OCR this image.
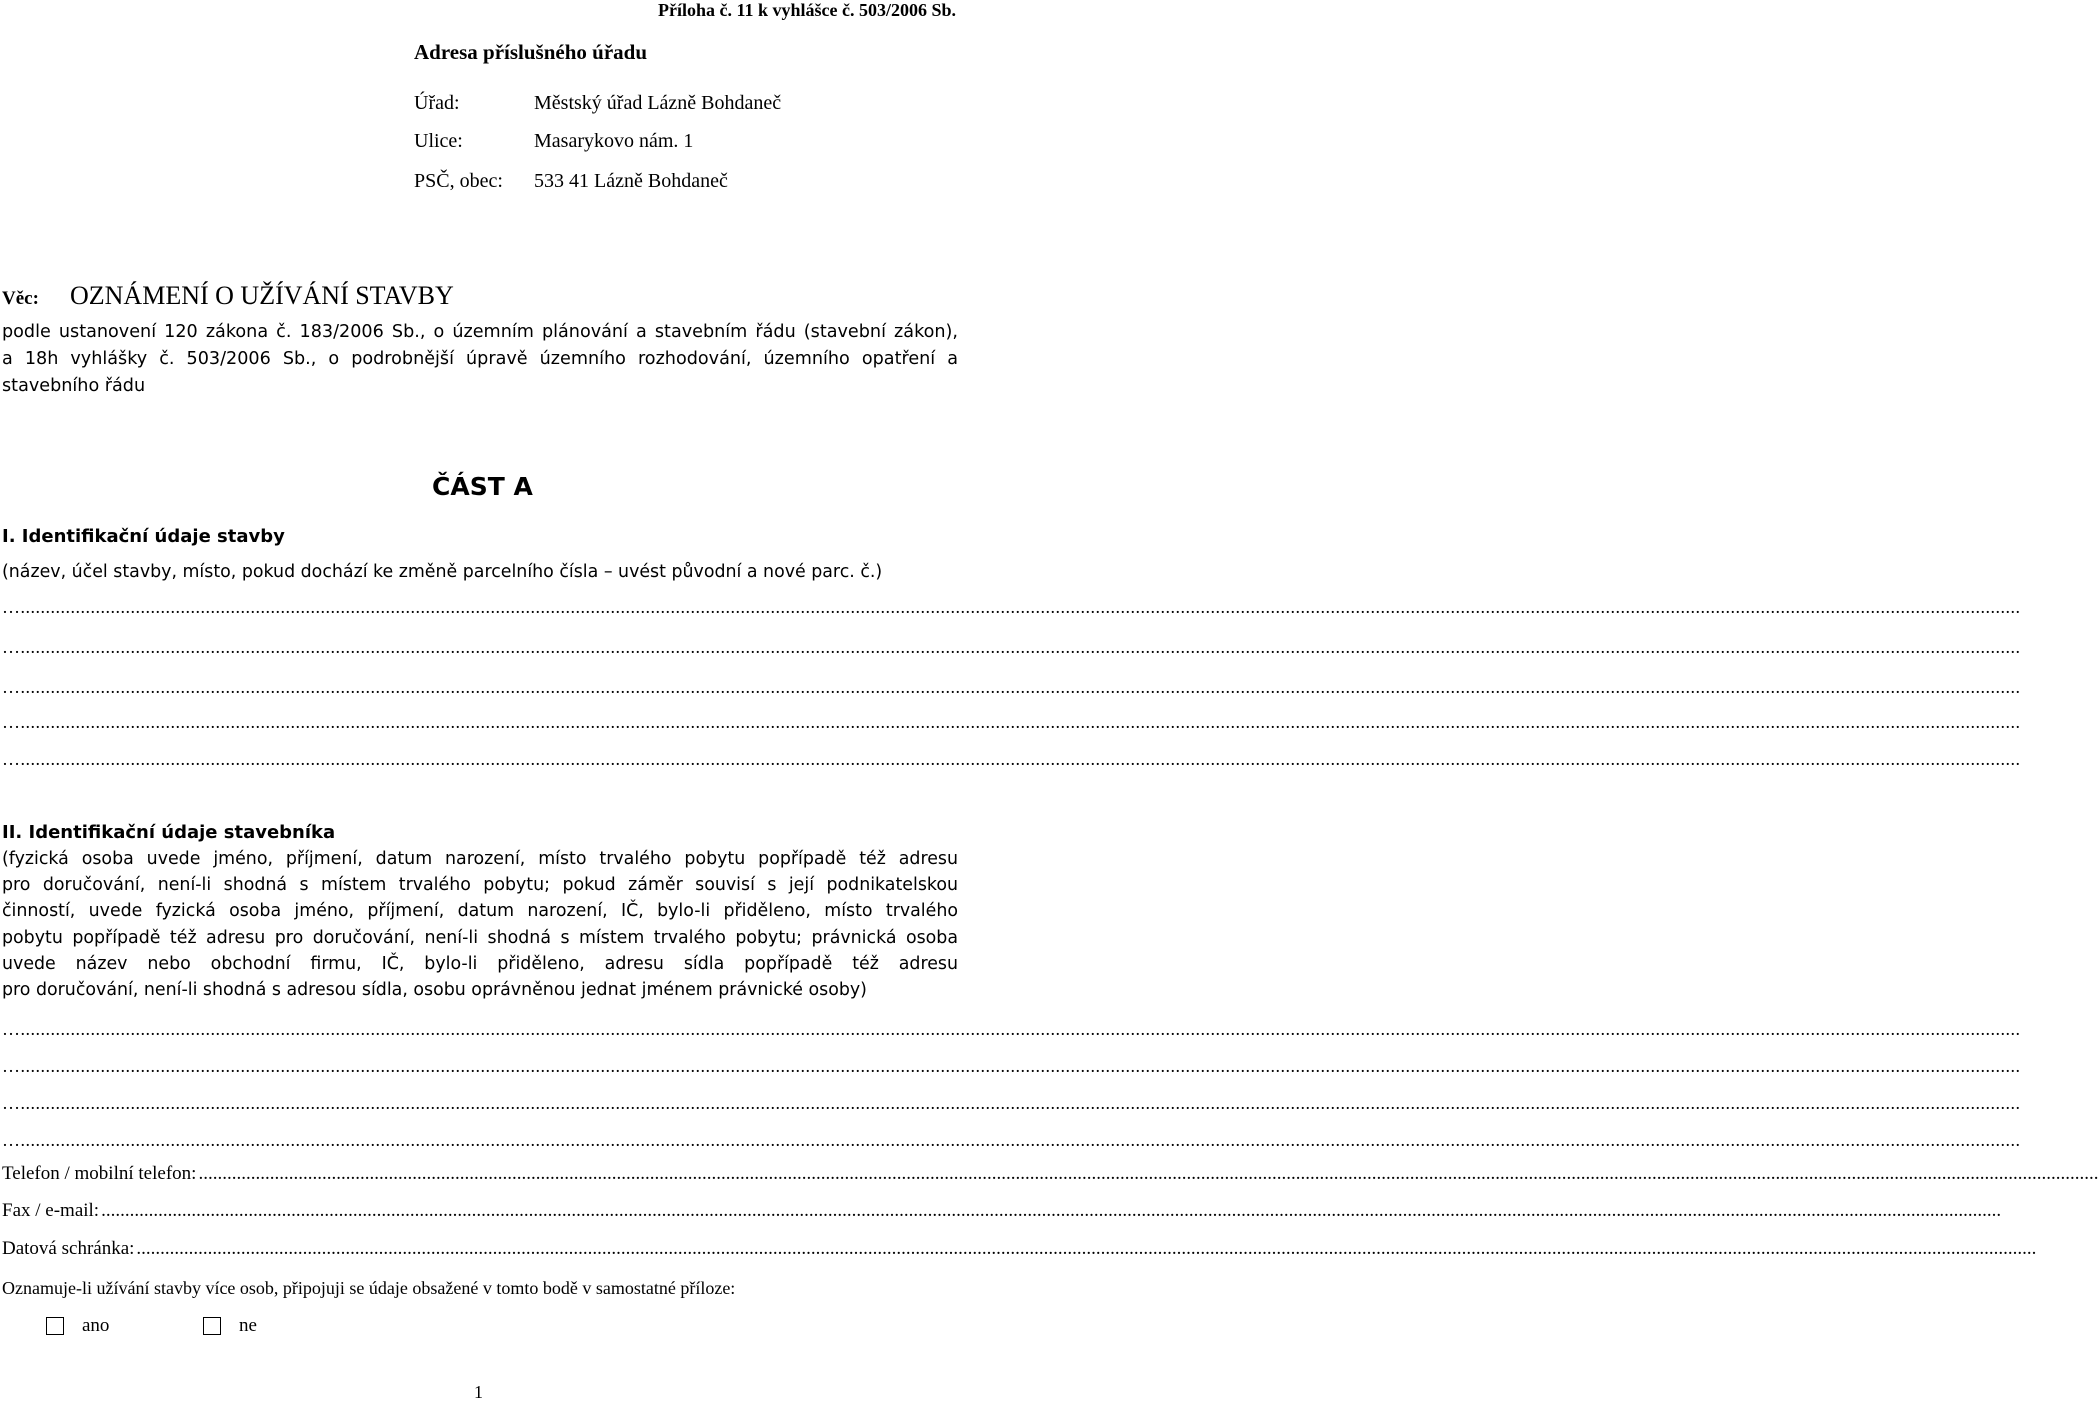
Příloha č. 11 k vyhlášce č. 503/2006 Sb.
Adresa příslušného úřadu
Úřad:	Městský úřad Lázně Bohdaneč
Ulice:	Masarykovo nám. 1
PSČ, obec: 533 41 Lázně Bohdaneč
Věc: OZNÁMENÍ O UŽÍVÁNÍ STAVBY
podle ustanovení 120 zákona č. 183/2006 Sb., o územním plánování a stavebním řádu (stavební zákon),
a 18h vyhlášky č. 503/2006 Sb., o podrobnější úpravě územního rozhodování, územního opatření a
stavebního řádu
ČÁST A
I. Identifikační údaje stavby
(název, účel stavby, místo, pokud dochází ke změně parcelního čísla – uvést původní a nové parc. č.)
…................................................................................................................................................................................................................................................................................................................................................................................................................
…................................................................................................................................................................................................................................................................................................................................................................................................................
…................................................................................................................................................................................................................................................................................................................................................................................................................
…................................................................................................................................................................................................................................................................................................................................................................................................................
…................................................................................................................................................................................................................................................................................................................................................................................................................
II. Identifikační údaje stavebníka
(fyzická osoba uvede jméno, příjmení, datum narození, místo trvalého pobytu popřípadě též adresu
pro doručování, není-li shodná s místem trvalého pobytu; pokud záměr souvisí s její podnikatelskou
činností, uvede fyzická osoba jméno, příjmení, datum narození, IČ, bylo-li přiděleno, místo trvalého
pobytu popřípadě též adresu pro doručování, není-li shodná s místem trvalého pobytu; právnická osoba
uvede název nebo obchodní firmu, IČ, bylo-li přiděleno, adresu sídla popřípadě též adresu
pro doručování, není-li shodná s adresou sídla, osobu oprávněnou jednat jménem právnické osoby)
…................................................................................................................................................................................................................................................................................................................................................................................................................
…................................................................................................................................................................................................................................................................................................................................................................................................................
…................................................................................................................................................................................................................................................................................................................................................................................................................
…................................................................................................................................................................................................................................................................................................................................................................................................................
Telefon / mobilní telefon: ................................................................................................................................................................................................................................................................................................................................................................................................................
Fax / e-mail: ................................................................................................................................................................................................................................................................................................................................................................................................................
Datová schránka: ................................................................................................................................................................................................................................................................................................................................................................................................................
Oznamuje-li užívání stavby více osob, připojuji se údaje obsažené v tomto bodě v samostatné příloze:
ano	ne
1
